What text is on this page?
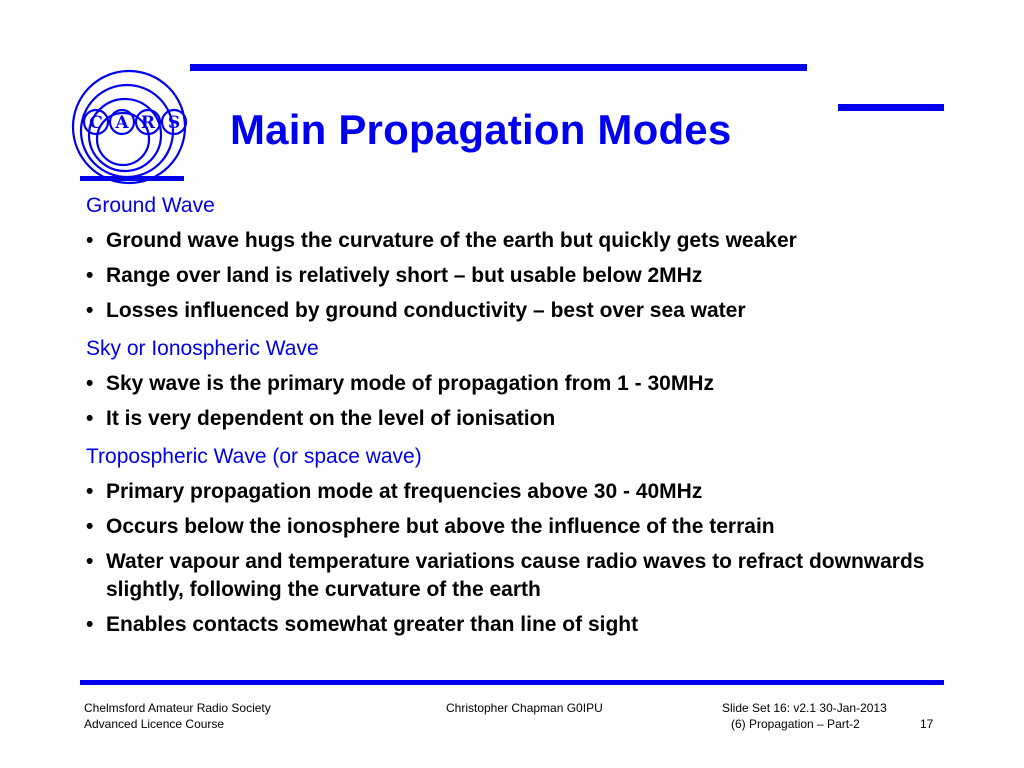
C A R S Main Propagation Modes
Ground Wave
• Ground wave hugs the curvature of the earth but quickly gets weaker
• Range over land is relatively short – but usable below 2MHz
• Losses influenced by ground conductivity – best over sea water
Sky or Ionospheric Wave
• Sky wave is the primary mode of propagation from 1 - 30MHz
• It is very dependent on the level of ionisation
Tropospheric Wave (or space wave)
• Primary propagation mode at frequencies above 30 - 40MHz
• Occurs below the ionosphere but above the influence of the terrain
• Water vapour and temperature variations cause radio waves to refract downwards slightly, following the curvature of the earth
• Enables contacts somewhat greater than line of sight
Chelmsford Amateur Radio Society
Advanced Licence Course
Christopher Chapman G0IPU	Slide Set 16: v2.1 30-Jan-2013
(6) Propagation – Part-2	17
